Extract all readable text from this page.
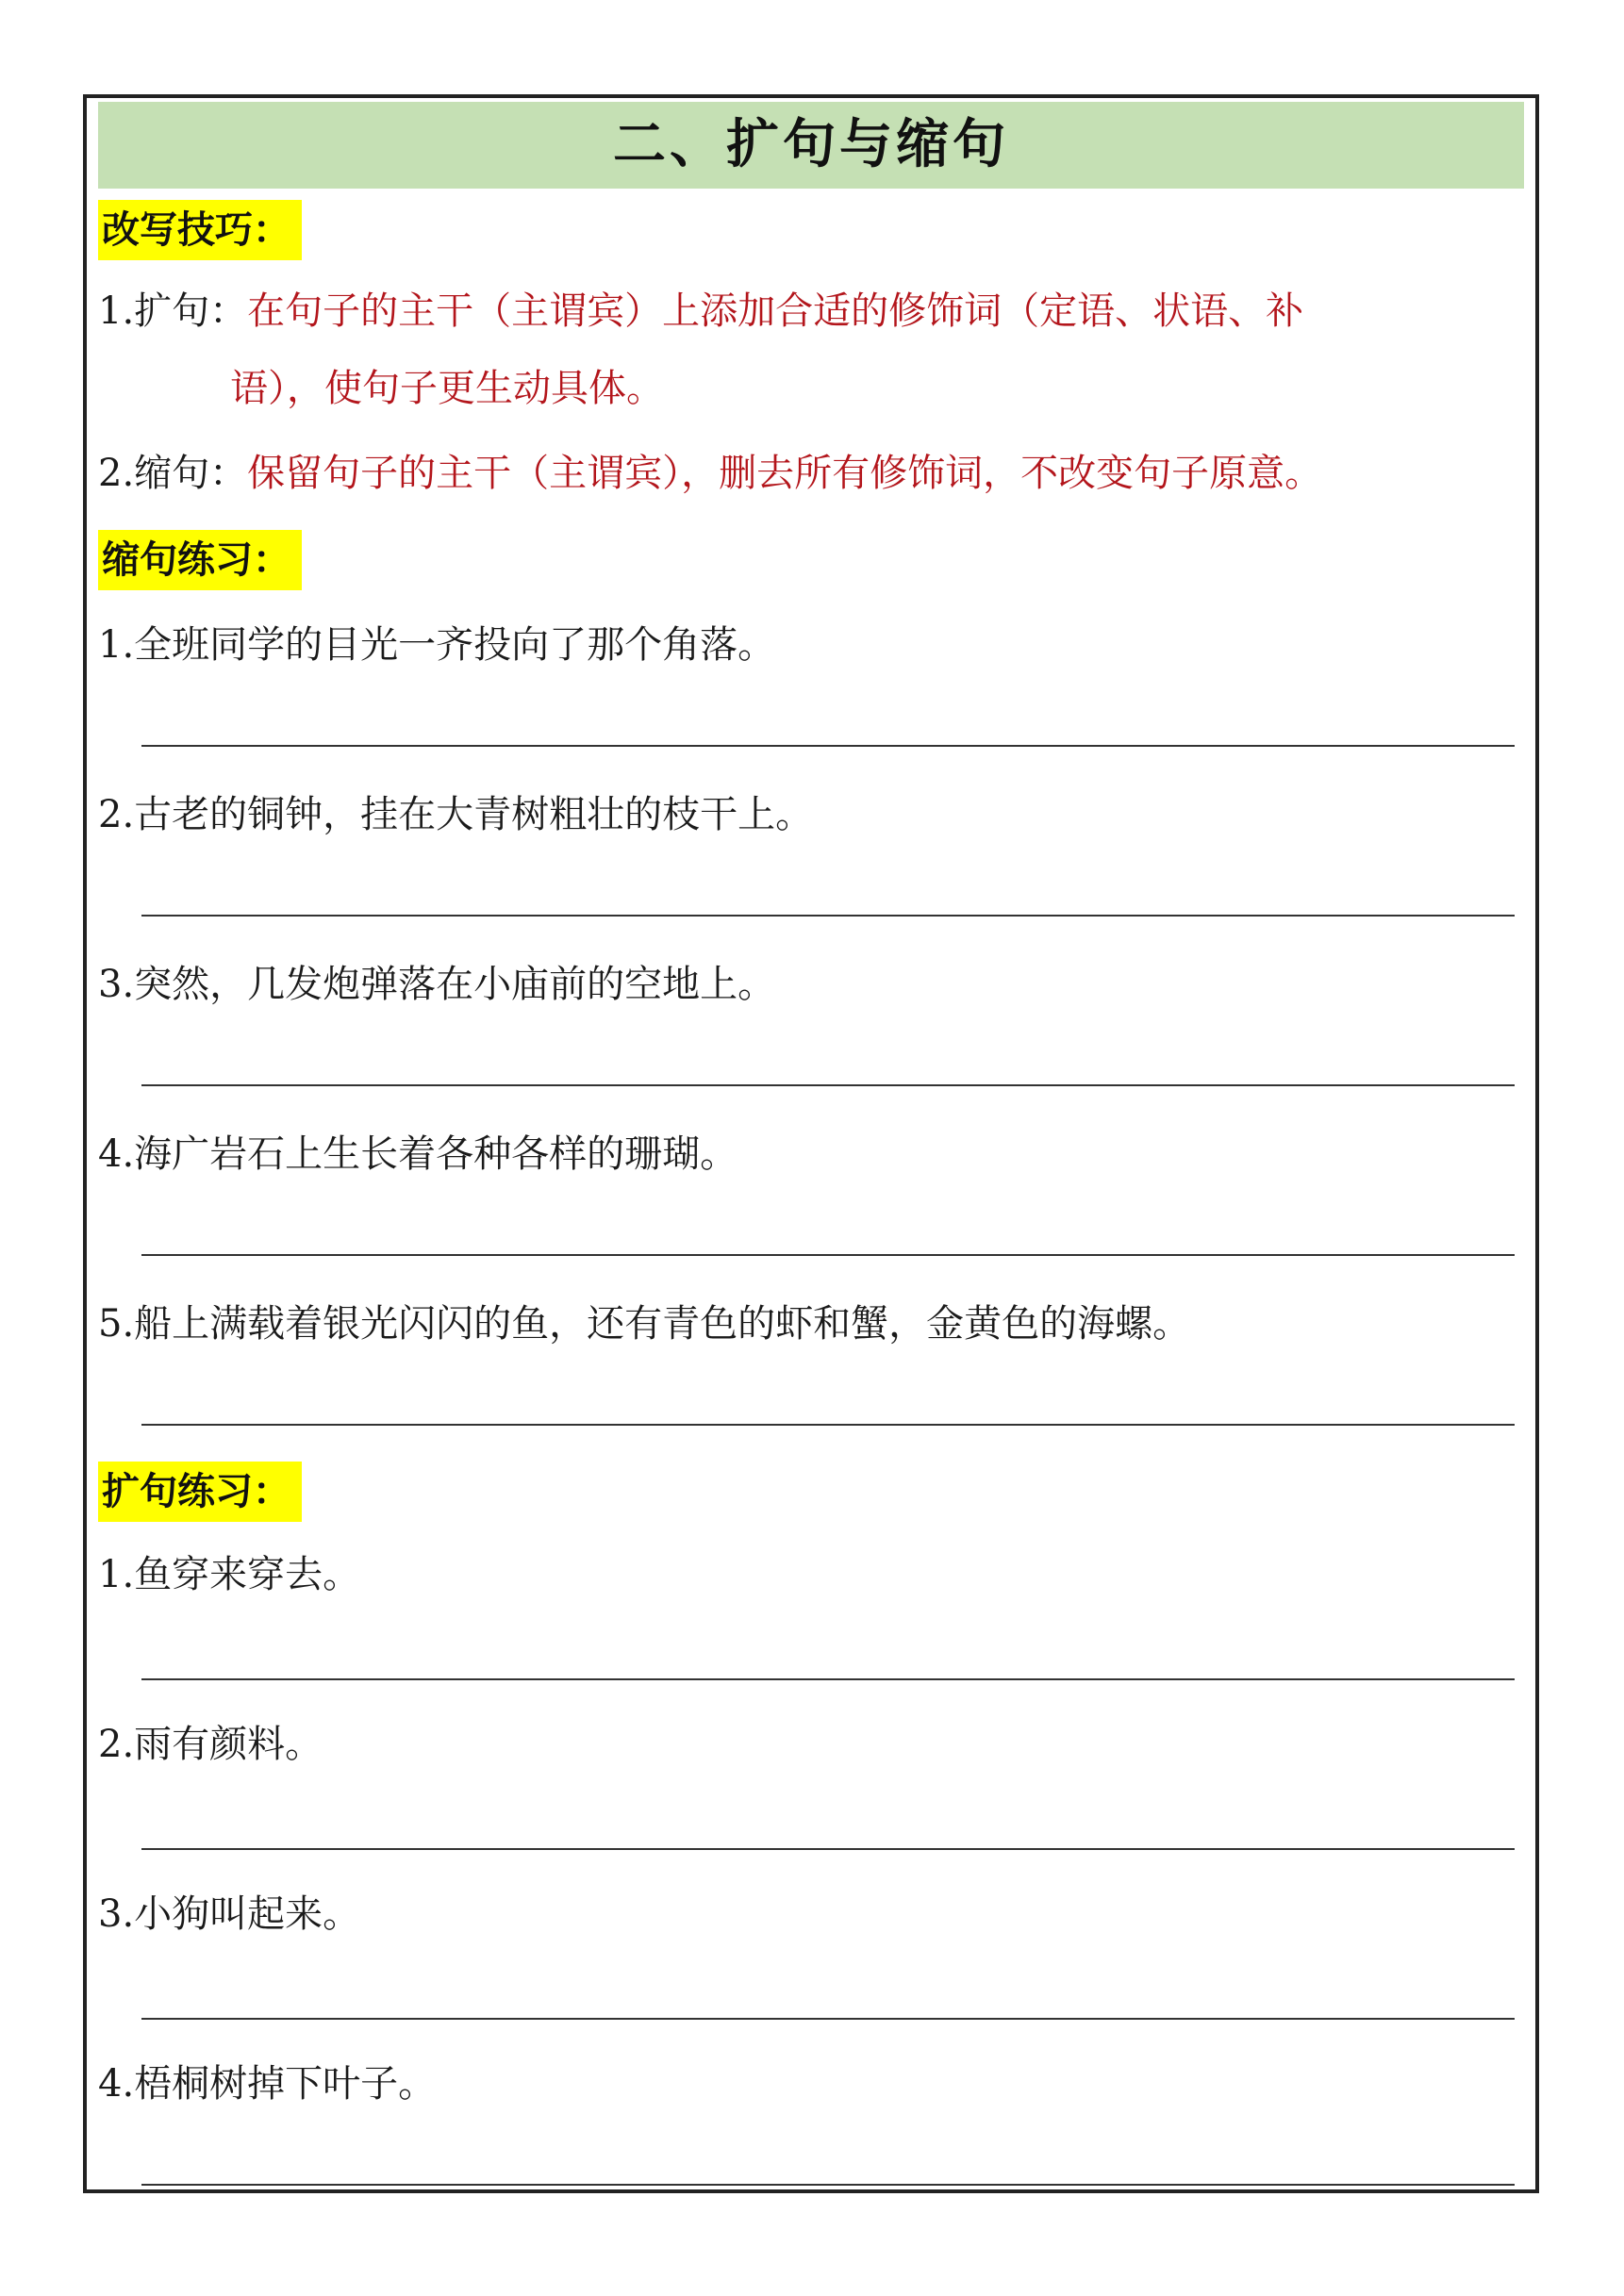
二、扩句与缩句
改写技巧：
1.扩句：在句子的主干（主谓宾）上添加合适的修饰词（定语、状语、补
语），使句子更生动具体。
2.缩句：保留句子的主干（主谓宾），删去所有修饰词，不改变句子原意。
缩句练习：
1.全班同学的目光一齐投向了那个角落。
2.古老的铜钟，挂在大青树粗壮的枝干上。
3.突然，几发炮弹落在小庙前的空地上。
4.海广岩石上生长着各种各样的珊瑚。
5.船上满载着银光闪闪的鱼，还有青色的虾和蟹，金黄色的海螺。
扩句练习：
1.鱼穿来穿去。
2.雨有颜料。
3.小狗叫起来。
4.梧桐树掉下叶子。
